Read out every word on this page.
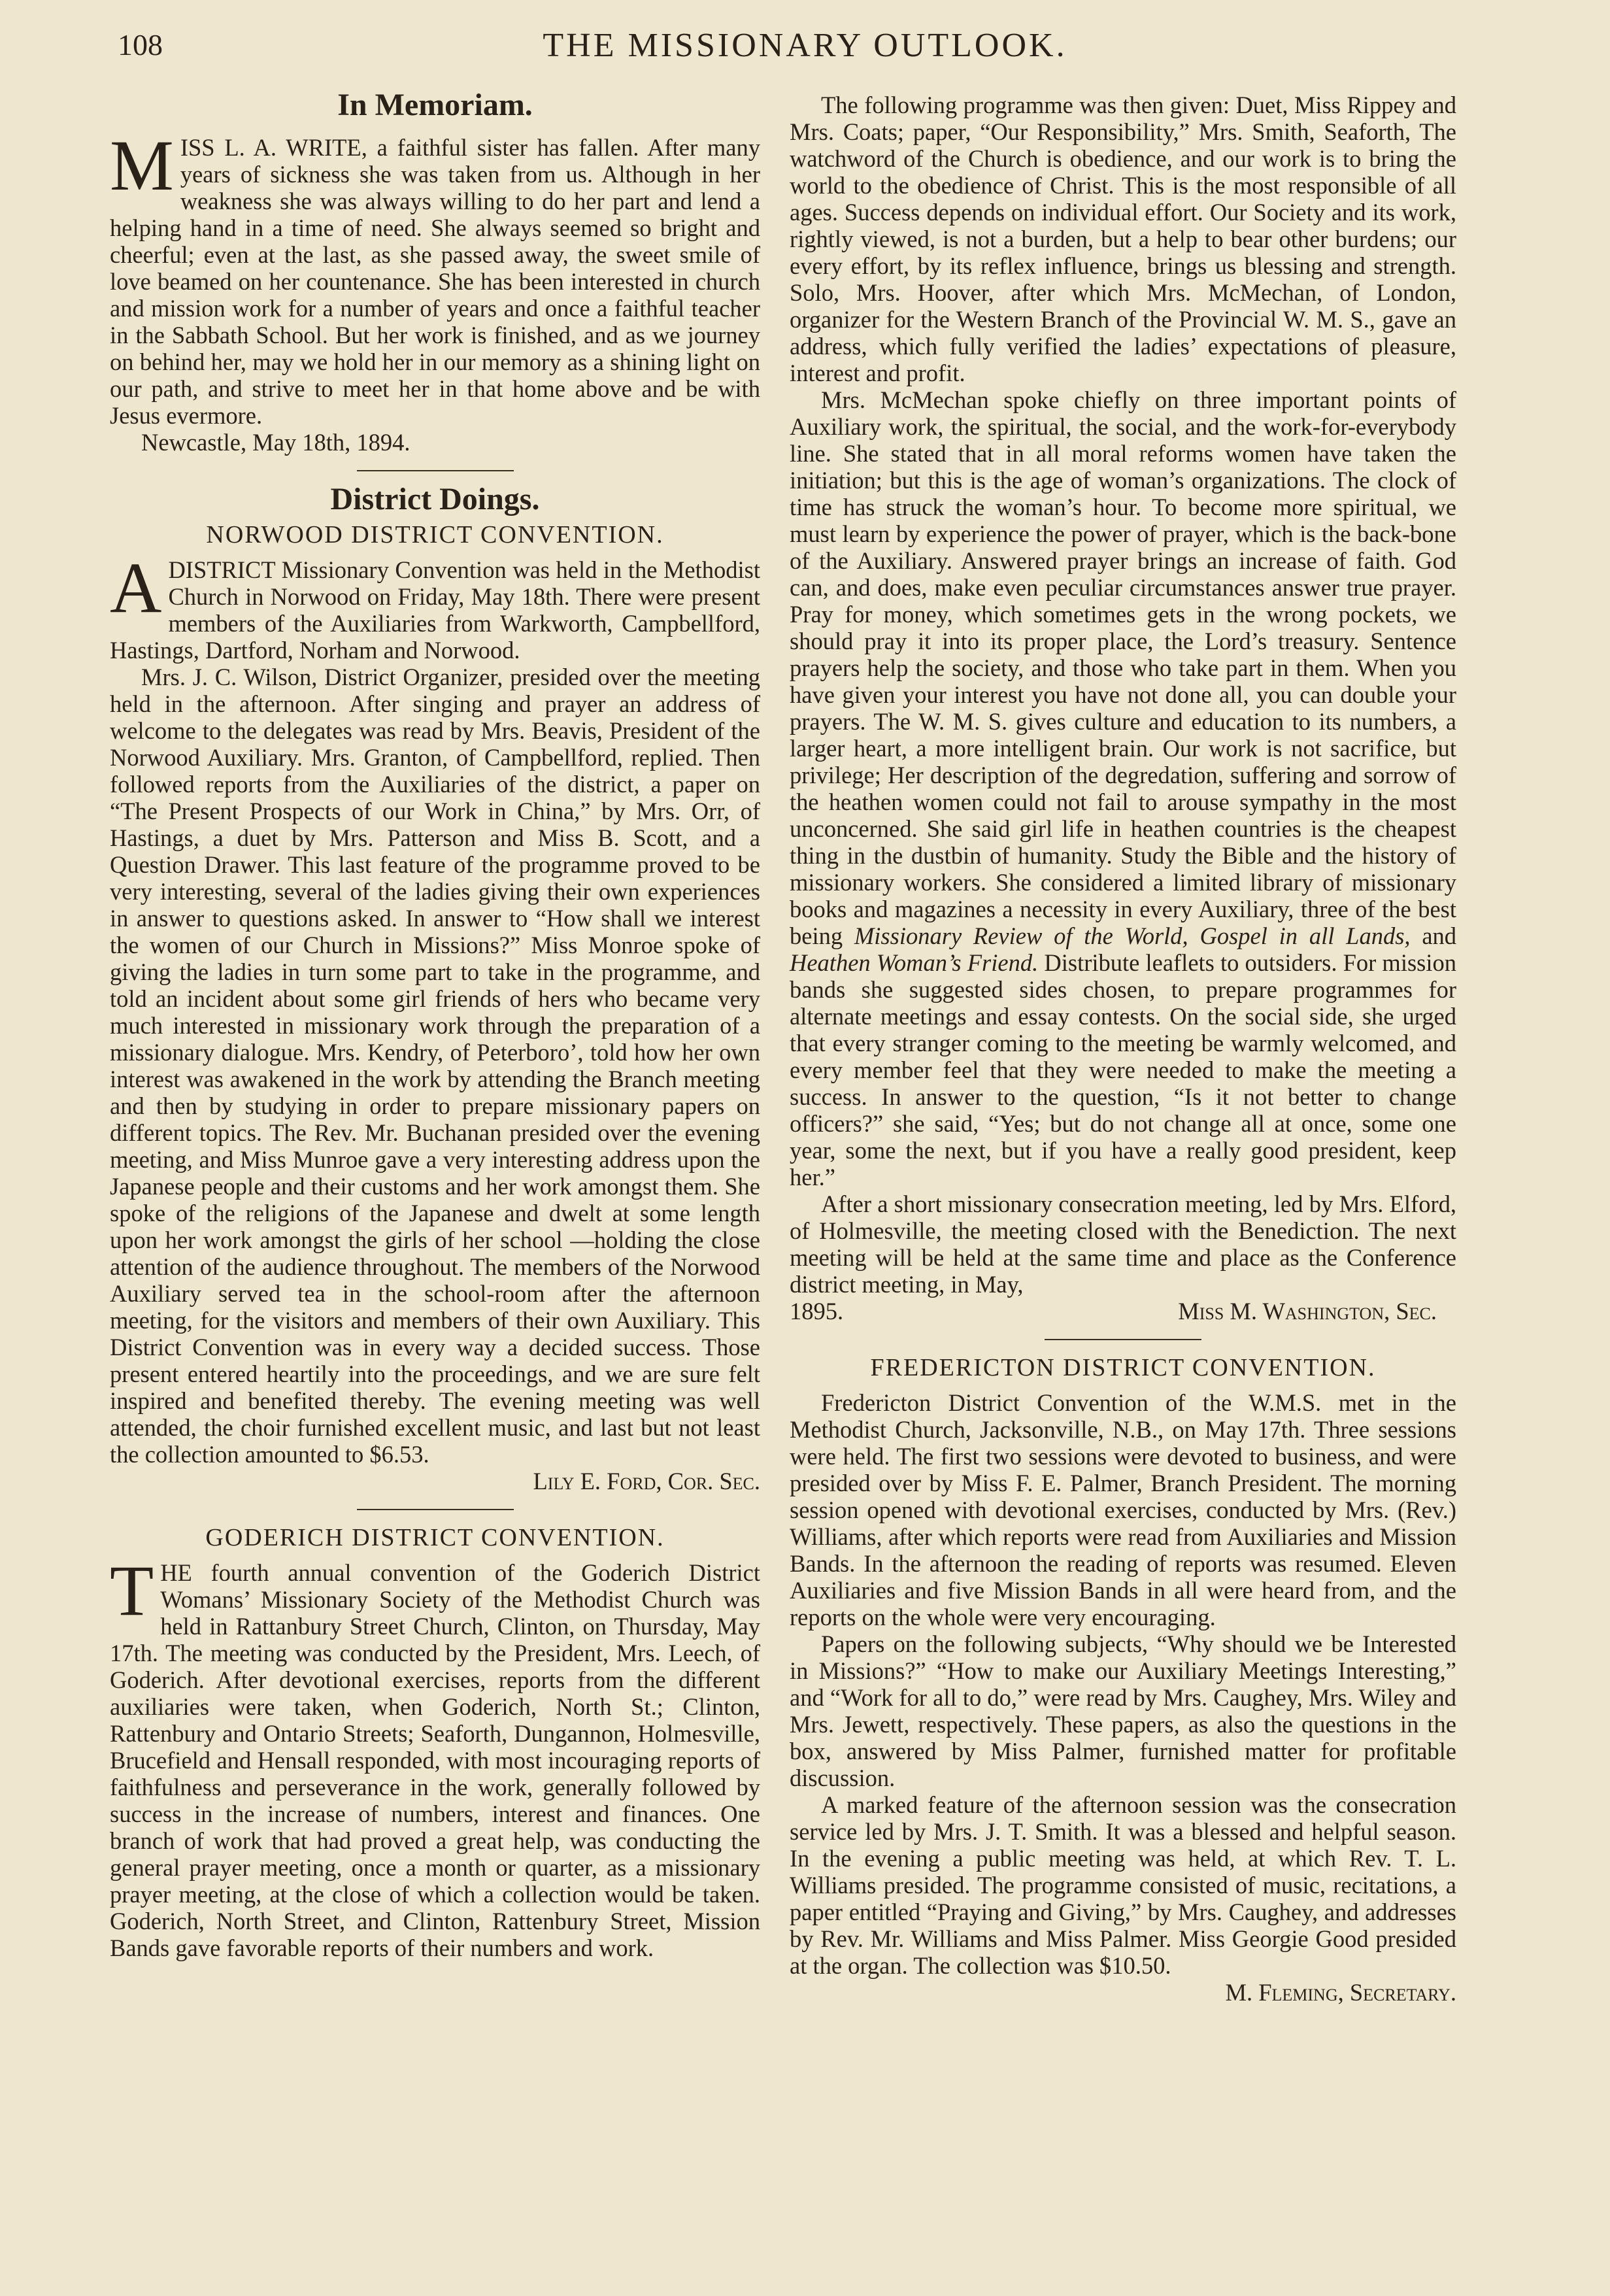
108	THE MISSIONARY OUTLOOK.
In Memoriam.

MISS L. A. WRITE, a faithful sister has fallen. After many years of sickness she was taken from us. Although in her weakness she was always willing to do her part and lend a helping hand in a time of need. She always seemed so bright and cheerful; even at the last, as she passed away, the sweet smile of love beamed on her countenance. She has been interested in church and mission work for a number of years and once a faithful teacher in the Sabbath School. But her work is finished, and as we journey on behind her, may we hold her in our memory as a shining light on our path, and strive to meet her in that home above and be with Jesus evermore.

Newcastle, May 18th, 1894.

District Doings.
NORWOOD DISTRICT CONVENTION.

ADISTRICT Missionary Convention was held in the Methodist Church in Norwood on Friday, May 18th. There were present members of the Auxiliaries from Warkworth, Campbellford, Hastings, Dartford, Norham and Norwood.

Mrs. J. C. Wilson, District Organizer, presided over the meeting held in the afternoon. After singing and prayer an address of welcome to the delegates was read by Mrs. Beavis, President of the Norwood Auxiliary. Mrs. Granton, of Campbellford, replied. Then followed reports from the Auxiliaries of the district, a paper on “The Present Prospects of our Work in China,” by Mrs. Orr, of Hastings, a duet by Mrs. Patterson and Miss B. Scott, and a Question Drawer. This last feature of the programme proved to be very interesting, several of the ladies giving their own experiences in answer to questions asked. In answer to “How shall we interest the women of our Church in Missions?” Miss Monroe spoke of giving the ladies in turn some part to take in the programme, and told an incident about some girl friends of hers who became very much interested in missionary work through the preparation of a missionary dialogue. Mrs. Kendry, of Peterboro’, told how her own interest was awakened in the work by attending the Branch meeting and then by studying in order to prepare missionary papers on different topics. The Rev. Mr. Buchanan presided over the evening meeting, and Miss Munroe gave a very interesting address upon the Japanese people and their customs and her work amongst them. She spoke of the religions of the Japanese and dwelt at some length upon her work amongst the girls of her school —holding the close attention of the audience throughout. The members of the Norwood Auxiliary served tea in the school-room after the afternoon meeting, for the visitors and members of their own Auxiliary. This District Convention was in every way a decided success. Those present entered heartily into the proceedings, and we are sure felt inspired and benefited thereby. The evening meeting was well attended, the choir furnished excellent music, and last but not least the collection amounted to $6.53.

Lily E. Ford, Cor. Sec.

GODERICH DISTRICT CONVENTION.

THE fourth annual convention of the Goderich District Womans’ Missionary Society of the Methodist Church was held in Rattanbury Street Church, Clinton, on Thursday, May 17th. The meeting was conducted by the President, Mrs. Leech, of Goderich. After devotional exercises, reports from the different auxiliaries were taken, when Goderich, North St.; Clinton, Rattenbury and Ontario Streets; Seaforth, Dungannon, Holmesville, Brucefield and Hensall responded, with most incouraging reports of faithfulness and perseverance in the work, generally followed by success in the increase of numbers, interest and finances. One branch of work that had proved a great help, was conducting the general prayer meeting, once a month or quarter, as a missionary prayer meeting, at the close of which a collection would be taken. Goderich, North Street, and Clinton, Rattenbury Street, Mission Bands gave favorable reports of their numbers and work.

The following programme was then given: Duet, Miss Rippey and Mrs. Coats; paper, “Our Responsibility,” Mrs. Smith, Seaforth, The watchword of the Church is obedience, and our work is to bring the world to the obedience of Christ. This is the most responsible of all ages. Success depends on individual effort. Our Society and its work, rightly viewed, is not a burden, but a help to bear other burdens; our every effort, by its reflex influence, brings us blessing and strength. Solo, Mrs. Hoover, after which Mrs. McMechan, of London, organizer for the Western Branch of the Provincial W. M. S., gave an address, which fully verified the ladies’ expectations of pleasure, interest and profit.

Mrs. McMechan spoke chiefly on three important points of Auxiliary work, the spiritual, the social, and the work-for-everybody line. She stated that in all moral reforms women have taken the initiation; but this is the age of woman’s organizations. The clock of time has struck the woman’s hour. To become more spiritual, we must learn by experience the power of prayer, which is the back-bone of the Auxiliary. Answered prayer brings an increase of faith. God can, and does, make even peculiar circumstances answer true prayer. Pray for money, which sometimes gets in the wrong pockets, we should pray it into its proper place, the Lord’s treasury. Sentence prayers help the society, and those who take part in them. When you have given your interest you have not done all, you can double your prayers. The W. M. S. gives culture and education to its numbers, a larger heart, a more intelligent brain. Our work is not sacrifice, but privilege; Her description of the degredation, suffering and sorrow of the heathen women could not fail to arouse sympathy in the most unconcerned. She said girl life in heathen countries is the cheapest thing in the dustbin of humanity. Study the Bible and the history of missionary workers. She considered a limited library of missionary books and magazines a necessity in every Auxiliary, three of the best being Missionary Review of the World, Gospel in all Lands, and Heathen Woman’s Friend. Distribute leaflets to outsiders. For mission bands she suggested sides chosen, to prepare programmes for alternate meetings and essay contests. On the social side, she urged that every stranger coming to the meeting be warmly welcomed, and every member feel that they were needed to make the meeting a success. In answer to the question, “Is it not better to change officers?” she said, “Yes; but do not change all at once, some one year, some the next, but if you have a really good president, keep her.”

After a short missionary consecration meeting, led by Mrs. Elford, of Holmesville, the meeting closed with the Benediction. The next meeting will be held at the same time and place as the Conference district meeting, in May,

1895.	Miss M. Washington, Sec.
FREDERICTON DISTRICT CONVENTION.

Fredericton District Convention of the W.M.S. met in the Methodist Church, Jacksonville, N.B., on May 17th. Three sessions were held. The first two sessions were devoted to business, and were presided over by Miss F. E. Palmer, Branch President. The morning session opened with devotional exercises, conducted by Mrs. (Rev.) Williams, after which reports were read from Auxiliaries and Mission Bands. In the afternoon the reading of reports was resumed. Eleven Auxiliaries and five Mission Bands in all were heard from, and the reports on the whole were very encouraging.

Papers on the following subjects, “Why should we be Interested in Missions?” “How to make our Auxiliary Meetings Interesting,” and “Work for all to do,” were read by Mrs. Caughey, Mrs. Wiley and Mrs. Jewett, respectively. These papers, as also the questions in the box, answered by Miss Palmer, furnished matter for profitable discussion.

A marked feature of the afternoon session was the consecration service led by Mrs. J. T. Smith. It was a blessed and helpful season. In the evening a public meeting was held, at which Rev. T. L. Williams presided. The programme consisted of music, recitations, a paper entitled “Praying and Giving,” by Mrs. Caughey, and addresses by Rev. Mr. Williams and Miss Palmer. Miss Georgie Good presided at the organ. The collection was $10.50.

M. Fleming, Secretary.
